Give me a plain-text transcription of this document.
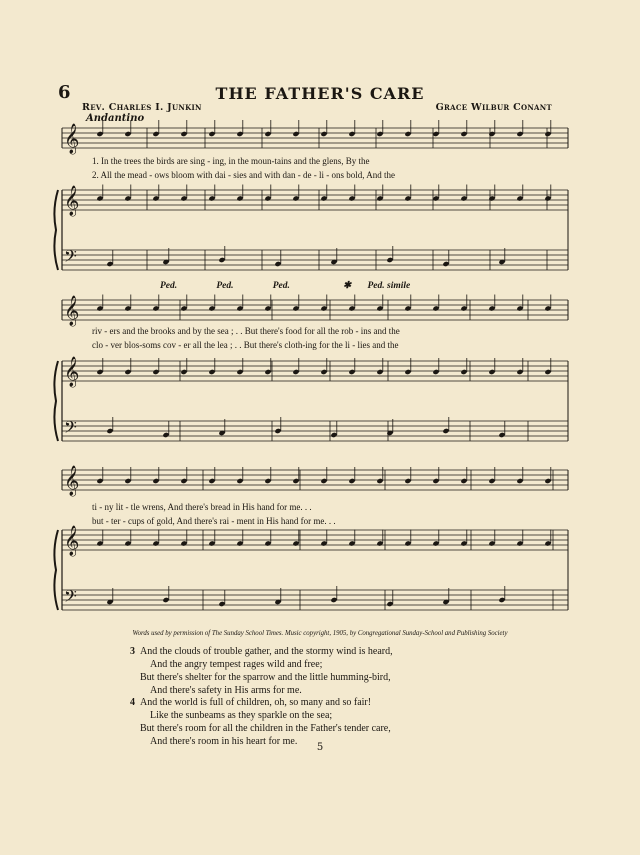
𝄞
𝄞
𝄢
𝄞
𝄞
𝄢
𝄞
𝄞
𝄢
6	THE FATHER'S CARE
Rev. Charles I. Junkin	Grace Wilbur Conant
Andantino
1. In the trees the birds are sing - ing, in the moun-tains and the glens, By the
2. All the mead - ows bloom with dai - sies and with dan - de - li - ons bold, And the
Ped.	Ped.	Ped.	✱ Ped. simile
riv - ers and the brooks and by the sea ; . . But there's food for all the rob - ins and the
clo - ver blos-soms cov - er all the lea ; . . But there's cloth-ing for the li - lies and the
ti - ny lit - tle wrens, And there's bread in His hand for me. . .
but - ter - cups of gold, And there's rai - ment in His hand for me. . .
Words used by permission of The Sunday School Times. Music copyright, 1905, by Congregational Sunday-School and Publishing Society
3 And the clouds of trouble gather, and the stormy wind is heard,
And the angry tempest rages wild and free;
But there's shelter for the sparrow and the little humming-bird,
And there's safety in His arms for me.
4 And the world is full of children, oh, so many and so fair!
Like the sunbeams as they sparkle on the sea;
But there's room for all the children in the Father's tender care,
And there's room in his heart for me.
5
